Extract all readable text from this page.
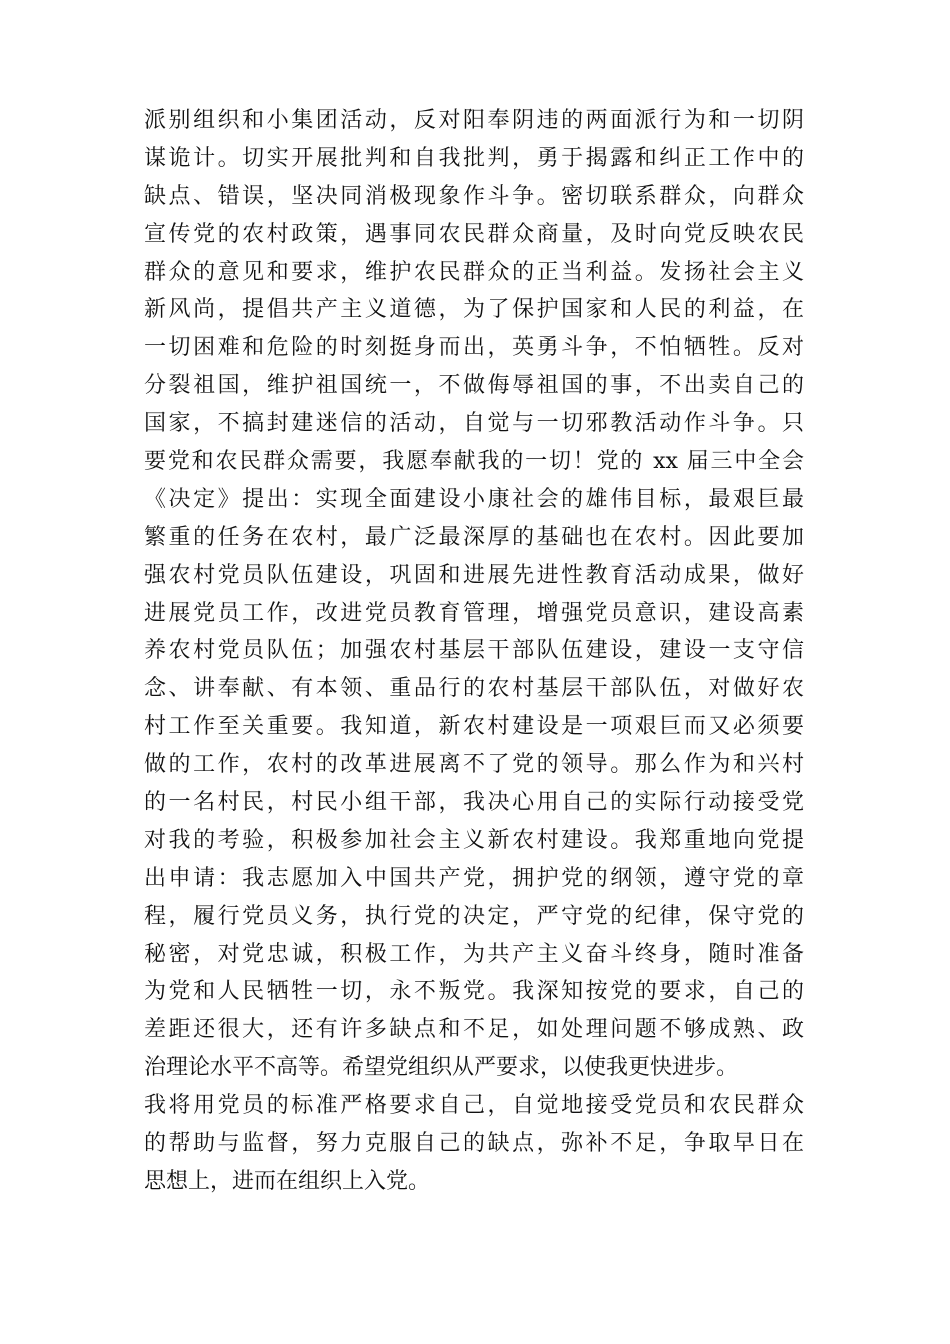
派别组织和小集团活动，反对阳奉阴违的两面派行为和一切阴
谋诡计。切实开展批判和自我批判，勇于揭露和纠正工作中的
缺点、错误，坚决同消极现象作斗争。密切联系群众，向群众
宣传党的农村政策，遇事同农民群众商量，及时向党反映农民
群众的意见和要求，维护农民群众的正当利益。发扬社会主义
新风尚，提倡共产主义道德，为了保护国家和人民的利益，在
一切困难和危险的时刻挺身而出，英勇斗争，不怕牺牲。反对
分裂祖国，维护祖国统一，不做侮辱祖国的事，不出卖自己的
国家，不搞封建迷信的活动，自觉与一切邪教活动作斗争。只
要党和农民群众需要，我愿奉献我的一切！党的 xx 届三中全会
《决定》提出：实现全面建设小康社会的雄伟目标，最艰巨最
繁重的任务在农村，最广泛最深厚的基础也在农村。因此要加
强农村党员队伍建设，巩固和进展先进性教育活动成果，做好
进展党员工作，改进党员教育管理，增强党员意识，建设高素
养农村党员队伍；加强农村基层干部队伍建设，建设一支守信
念、讲奉献、有本领、重品行的农村基层干部队伍，对做好农
村工作至关重要。我知道，新农村建设是一项艰巨而又必须要
做的工作，农村的改革进展离不了党的领导。那么作为和兴村
的一名村民，村民小组干部，我决心用自己的实际行动接受党
对我的考验，积极参加社会主义新农村建设。我郑重地向党提
出申请：我志愿加入中国共产党，拥护党的纲领，遵守党的章
程，履行党员义务，执行党的决定，严守党的纪律，保守党的
秘密，对党忠诚，积极工作，为共产主义奋斗终身，随时准备
为党和人民牺牲一切，永不叛党。我深知按党的要求，自己的
差距还很大，还有许多缺点和不足，如处理问题不够成熟、政
治理论水平不高等。希望党组织从严要求，以使我更快进步。
我将用党员的标准严格要求自己，自觉地接受党员和农民群众
的帮助与监督，努力克服自己的缺点，弥补不足，争取早日在
思想上，进而在组织上入党。
